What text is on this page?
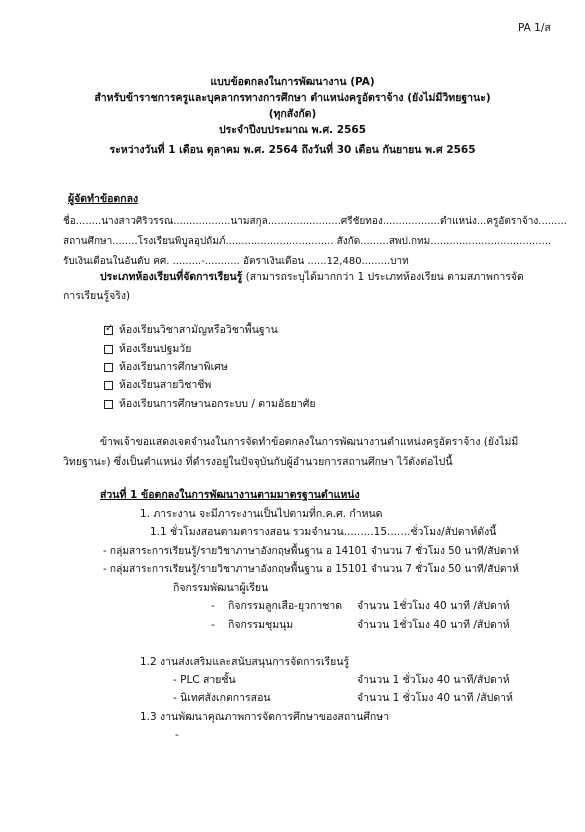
PA 1/ส
แบบข้อตกลงในการพัฒนางาน (PA)
สำหรับข้าราชการครูและบุคลากรทางการศึกษา ตำแหน่งครูอัตราจ้าง (ยังไม่มีวิทยฐานะ)
(ทุกสังกัด)
ประจำปีงบประมาณ พ.ศ. 2565
ระหว่างวันที่ 1 เดือน ตุลาคม พ.ศ. 2564 ถึงวันที่ 30 เดือน กันยายน พ.ศ 2565
ผู้จัดทำข้อตกลง
ชื่อ........นางสาวศิริวรรณ..................นามสกุล.......................ศรีชัยทอง..................ตำแหน่ง...ครูอัตราจ้าง.........
สถานศึกษา........โรงเรียนพิบูลอุปถัมภ์.................................. สังกัด.........สพป.กทม......................................
รับเงินเดือนในอันดับ คศ. .........-........... อัตราเงินเดือน ......12,480.........บาท
ประเภทห้องเรียนที่จัดการเรียนรู้ (สามารถระบุได้มากกว่า 1 ประเภทห้องเรียน ตามสภาพการจัด
การเรียนรู้จริง)
✓
ห้องเรียนวิชาสามัญหรือวิชาพื้นฐาน
ห้องเรียนปฐมวัย
ห้องเรียนการศึกษาพิเศษ
ห้องเรียนสายวิชาชีพ
ห้องเรียนการศึกษานอกระบบ / ตามอัธยาศัย
ข้าพเจ้าขอแสดงเจตจำนงในการจัดทำข้อตกลงในการพัฒนางานตำแหน่งครูอัตราจ้าง (ยังไม่มี
วิทยฐานะ) ซึ่งเป็นตำแหน่ง ที่ดำรงอยู่ในปัจจุบันกับผู้อำนวยการสถานศึกษา ไว้ดังต่อไปนี้
ส่วนที่ 1 ข้อตกลงในการพัฒนางานตามมาตรฐานตำแหน่ง
1. ภาระงาน จะมีภาระงานเป็นไปตามที่ก.ค.ศ. กำหนด
1.1 ชั่วโมงสอนตามตารางสอน รวมจำนวน.........15.......ชั่วโมง/สัปดาห์ดังนี้
- กลุ่มสาระการเรียนรู้/รายวิชาภาษาอังกฤษพื้นฐาน อ 14101 จำนวน 7 ชั่วโมง 50 นาที/สัปดาห์
- กลุ่มสาระการเรียนรู้/รายวิชาภาษาอังกฤษพื้นฐาน อ 15101 จำนวน 7 ชั่วโมง 50 นาที/สัปดาห์
กิจกรรมพัฒนาผู้เรียน
- กิจกรรมลูกเสือ-ยุวกาชาด จำนวน 1ชั่วโมง 40 นาที /สัปดาห์
- กิจกรรมชุมนุม	จำนวน 1ชั่วโมง 40 นาที /สัปดาห์
1.2 งานส่งเสริมและสนับสนุนการจัดการเรียนรู้
- PLC สายชั้น	จำนวน 1 ชั่วโมง 40 นาที/สัปดาห์
- นิเทศสังเกตการสอน	จำนวน 1 ชั่วโมง 40 นาที /สัปดาห์
1.3 งานพัฒนาคุณภาพการจัดการศึกษาของสถานศึกษา
-
